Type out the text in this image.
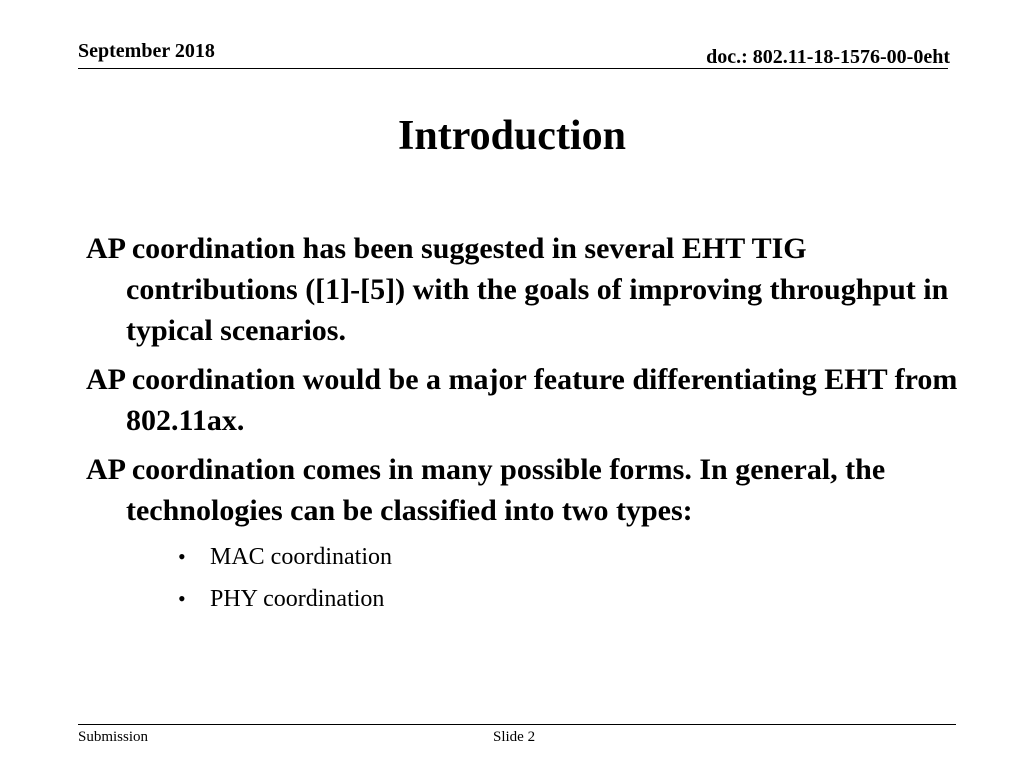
September 2018	doc.: 802.11-18-1576-00-0eht
Introduction
AP coordination has been suggested in several EHT TIG contributions ([1]-[5]) with the goals of improving throughput in typical scenarios.
AP coordination would be a major feature differentiating EHT from 802.11ax.
AP coordination comes in many possible forms. In general, the technologies can be classified into two types:
• MAC coordination
• PHY coordination
Submission	Slide 2
